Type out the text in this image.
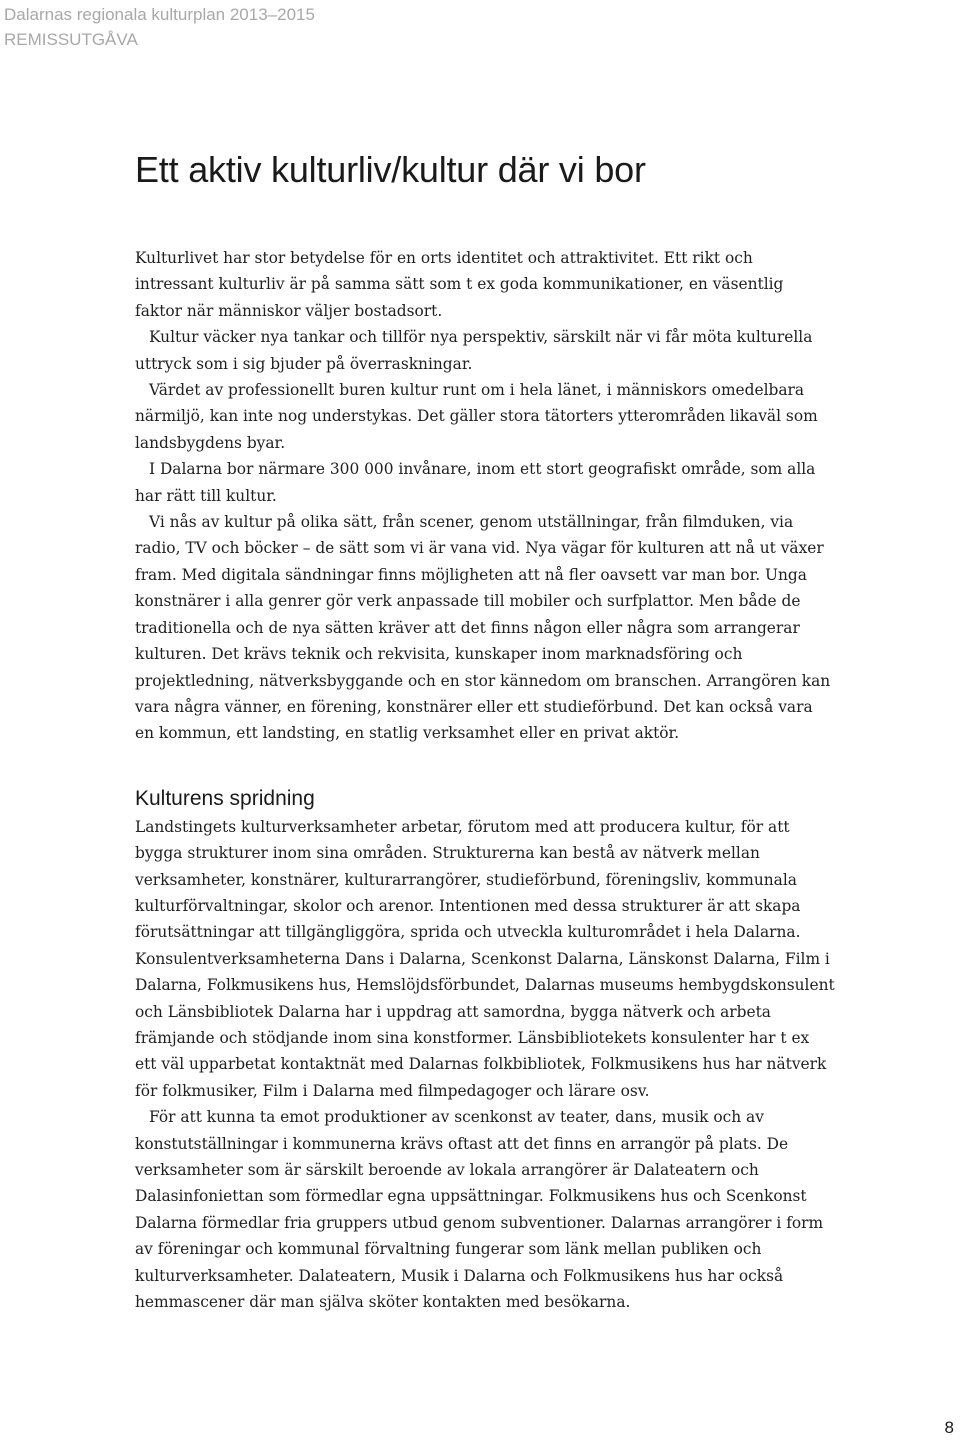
Dalarnas regionala kulturplan 2013–2015
REMISSUTGÅVA
Ett aktiv kulturliv/kultur där vi bor

Kulturlivet har stor betydelse för en orts identitet och attraktivitet. Ett rikt och intressant kulturliv är på samma sätt som t ex goda kommunikationer, en väsentlig faktor när människor väljer bostadsort.

Kultur väcker nya tankar och tillför nya perspektiv, särskilt när vi får möta kulturella uttryck som i sig bjuder på överraskningar.

Värdet av professionellt buren kultur runt om i hela länet, i människors omedelbara närmiljö, kan inte nog understykas. Det gäller stora tätorters ytterområden likaväl som landsbygdens byar.

I Dalarna bor närmare 300 000 invånare, inom ett stort geografiskt område, som alla har rätt till kultur.

Vi nås av kultur på olika sätt, från scener, genom utställningar, från filmduken, via radio, TV och böcker – de sätt som vi är vana vid. Nya vägar för kulturen att nå ut växer fram. Med digitala sändningar finns möjligheten att nå fler oavsett var man bor. Unga konstnärer i alla genrer gör verk anpassade till mobiler och surfplattor. Men både de traditionella och de nya sätten kräver att det finns någon eller några som arrangerar kulturen. Det krävs teknik och rekvisita, kunskaper inom marknadsföring och projektledning, nätverksbyggande och en stor kännedom om branschen. Arrangören kan vara några vänner, en förening, konstnärer eller ett studieförbund. Det kan också vara en kommun, ett landsting, en statlig verksamhet eller en privat aktör.

Kulturens spridning

Landstingets kulturverksamheter arbetar, förutom med att producera kultur, för att bygga strukturer inom sina områden. Strukturerna kan bestå av nätverk mellan verksamheter, konstnärer, kulturarrangörer, studieförbund, föreningsliv, kommunala kulturförvaltningar, skolor och arenor. Intentionen med dessa strukturer är att skapa förutsättningar att tillgängliggöra, sprida och utveckla kulturområdet i hela Dalarna. Konsulentverksamheterna Dans i Dalarna, Scenkonst Dalarna, Länskonst Dalarna, Film i Dalarna, Folkmusikens hus, Hemslöjdsförbundet, Dalarnas museums hembygdskonsulent och Länsbibliotek Dalarna har i uppdrag att samordna, bygga nätverk och arbeta främjande och stödjande inom sina konstformer. Länsbibliotekets konsulenter har t ex ett väl upparbetat kontaktnät med Dalarnas folkbibliotek, Folkmusikens hus har nätverk för folkmusiker, Film i Dalarna med filmpedagoger och lärare osv.

För att kunna ta emot produktioner av scenkonst av teater, dans, musik och av konstutställningar i kommunerna krävs oftast att det finns en arrangör på plats. De verksamheter som är särskilt beroende av lokala arrangörer är Dalateatern och Dalasinfoniettan som förmedlar egna uppsättningar. Folkmusikens hus och Scenkonst Dalarna förmedlar fria gruppers utbud genom subventioner. Dalarnas arrangörer i form av föreningar och kommunal förvaltning fungerar som länk mellan publiken och kulturverksamheter. Dalateatern, Musik i Dalarna och Folkmusikens hus har också hemmascener där man själva sköter kontakten med besökarna.

8
